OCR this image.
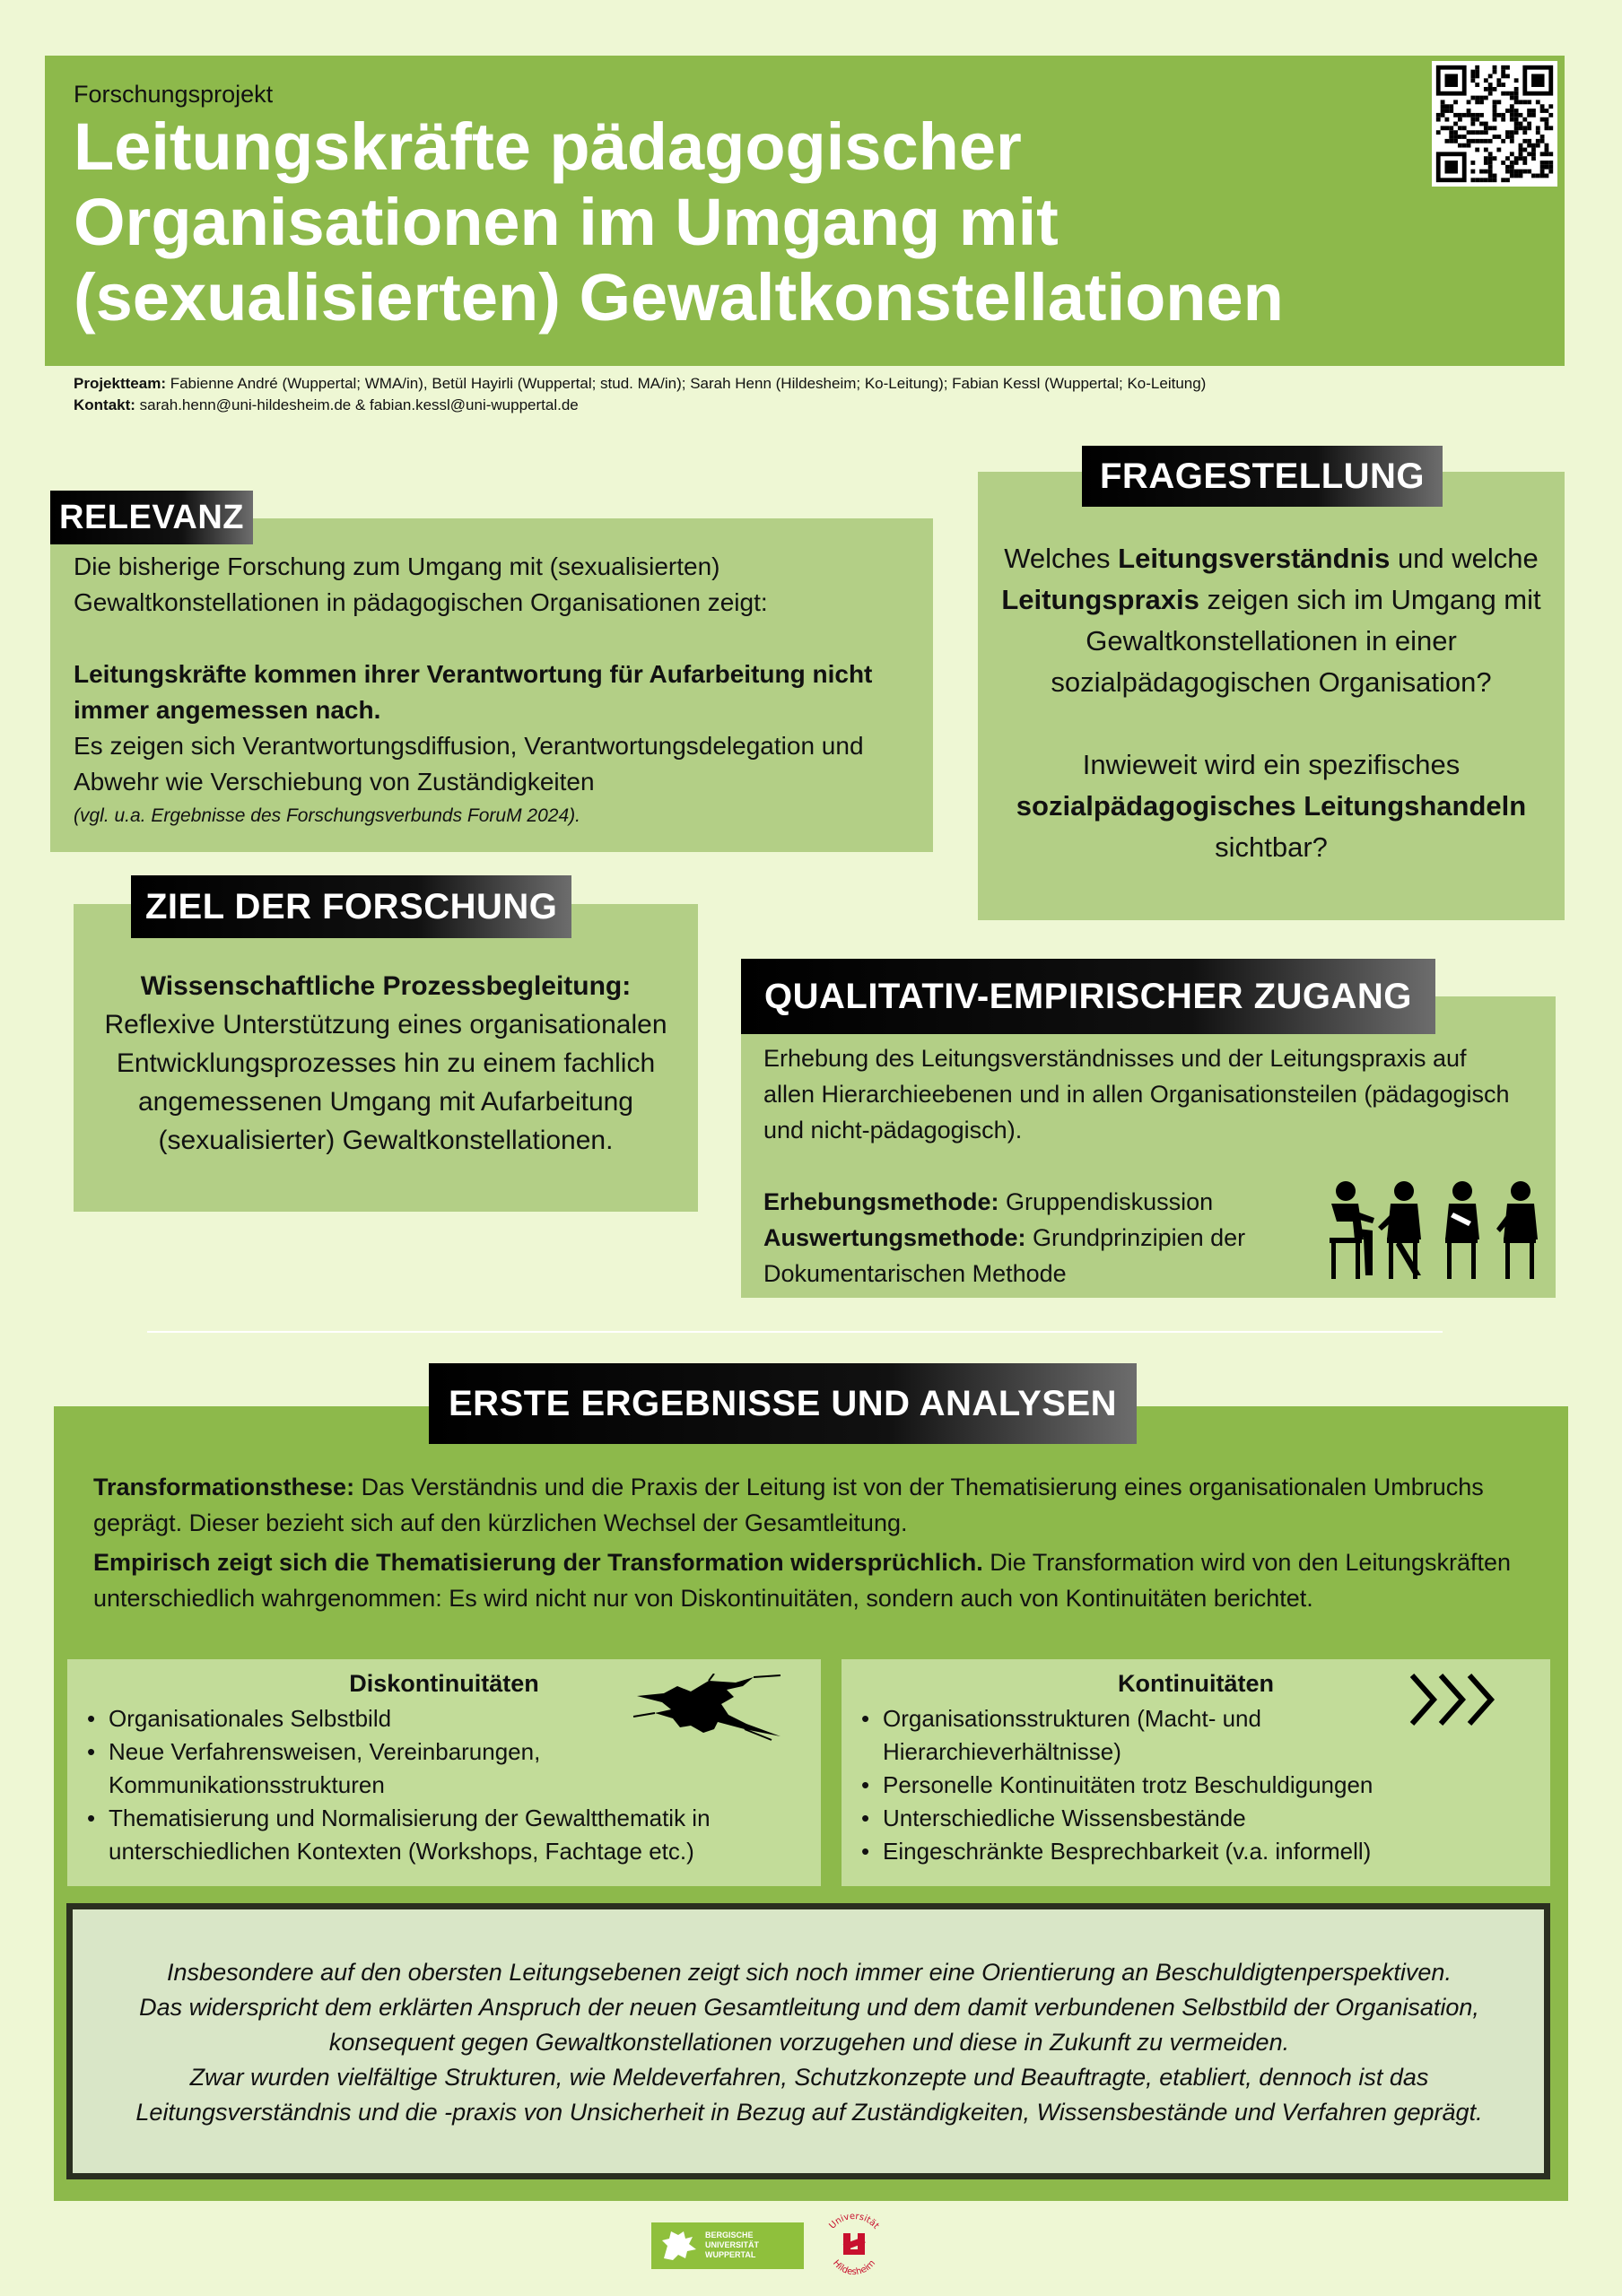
Forschungsprojekt
Leitungskräfte pädagogischer
Organisationen im Umgang mit
(sexualisierten) Gewaltkonstellationen
Projektteam: Fabienne André (Wuppertal; WMA/in), Betül Hayirli (Wuppertal; stud. MA/in); Sarah Henn (Hildesheim; Ko-Leitung); Fabian Kessl (Wuppertal; Ko-Leitung)
Kontakt: sarah.henn@uni-hildesheim.de & fabian.kessl@uni-wuppertal.de
RELEVANZ

Die bisherige Forschung zum Umgang mit (sexualisierten) Gewaltkonstellationen in pädagogischen Organisationen zeigt:

Leitungskräfte kommen ihrer Verantwortung für Aufarbeitung nicht immer angemessen nach.

Es zeigen sich Verantwortungsdiffusion, Verantwortungsdelegation und Abwehr wie Verschiebung von Zuständigkeiten

(vgl. u.a. Ergebnisse des Forschungsverbunds ForuM 2024).

FRAGESTELLUNG

Welches Leitungsverständnis und welche Leitungspraxis zeigen sich im Umgang mit Gewaltkonstellationen in einer sozialpädagogischen Organisation?

Inwieweit wird ein spezifisches sozialpädagogisches Leitungshandeln sichtbar?

ZIEL DER FORSCHUNG
Wissenschaftliche Prozessbegleitung:
Reflexive Unterstützung eines organisationalen Entwicklungsprozesses hin zu einem fachlich angemessenen Umgang mit Aufarbeitung (sexualisierter) Gewaltkonstellationen.
QUALITATIV-EMPIRISCHER ZUGANG

Erhebung des Leitungsverständnisses und der Leitungspraxis auf allen Hierarchieebenen und in allen Organisationsteilen (pädagogisch und nicht-pädagogisch).

Erhebungsmethode: Gruppendiskussion

Auswertungsmethode: Grundprinzipien der Dokumentarischen Methode

ERSTE ERGEBNISSE UND ANALYSEN

Transformationsthese: Das Verständnis und die Praxis der Leitung ist von der Thematisierung eines organisationalen Umbruchs geprägt. Dieser bezieht sich auf den kürzlichen Wechsel der Gesamtleitung.

Empirisch zeigt sich die Thematisierung der Transformation widersprüchlich. Die Transformation wird von den Leitungskräften unterschiedlich wahrgenommen: Es wird nicht nur von Diskontinuitäten, sondern auch von Kontinuitäten berichtet.

Diskontinuitäten
• Organisationales Selbstbild
• Neue Verfahrensweisen, Vereinbarungen, Kommunikationsstrukturen
• Thematisierung und Normalisierung der Gewaltthematik in unterschiedlichen Kontexten (Workshops, Fachtage etc.)
Kontinuitäten
• Organisationsstrukturen (Macht- und Hierarchieverhältnisse)
• Personelle Kontinuitäten trotz Beschuldigungen
• Unterschiedliche Wissensbestände
• Eingeschränkte Besprechbarkeit (v.a. informell)

Insbesondere auf den obersten Leitungsebenen zeigt sich noch immer eine Orientierung an Beschuldigtenperspektiven.

Das widerspricht dem erklärten Anspruch der neuen Gesamtleitung und dem damit verbundenen Selbstbild der Organisation, konsequent gegen Gewaltkonstellationen vorzugehen und diese in Zukunft zu vermeiden.

Zwar wurden vielfältige Strukturen, wie Meldeverfahren, Schutzkonzepte und Beauftragte, etabliert, dennoch ist das Leitungsverständnis und die -praxis von Unsicherheit in Bezug auf Zuständigkeiten, Wissensbestände und Verfahren geprägt.

BERGISCHE
UNIVERSITÄT
WUPPERTAL
Universität
Hildesheim
